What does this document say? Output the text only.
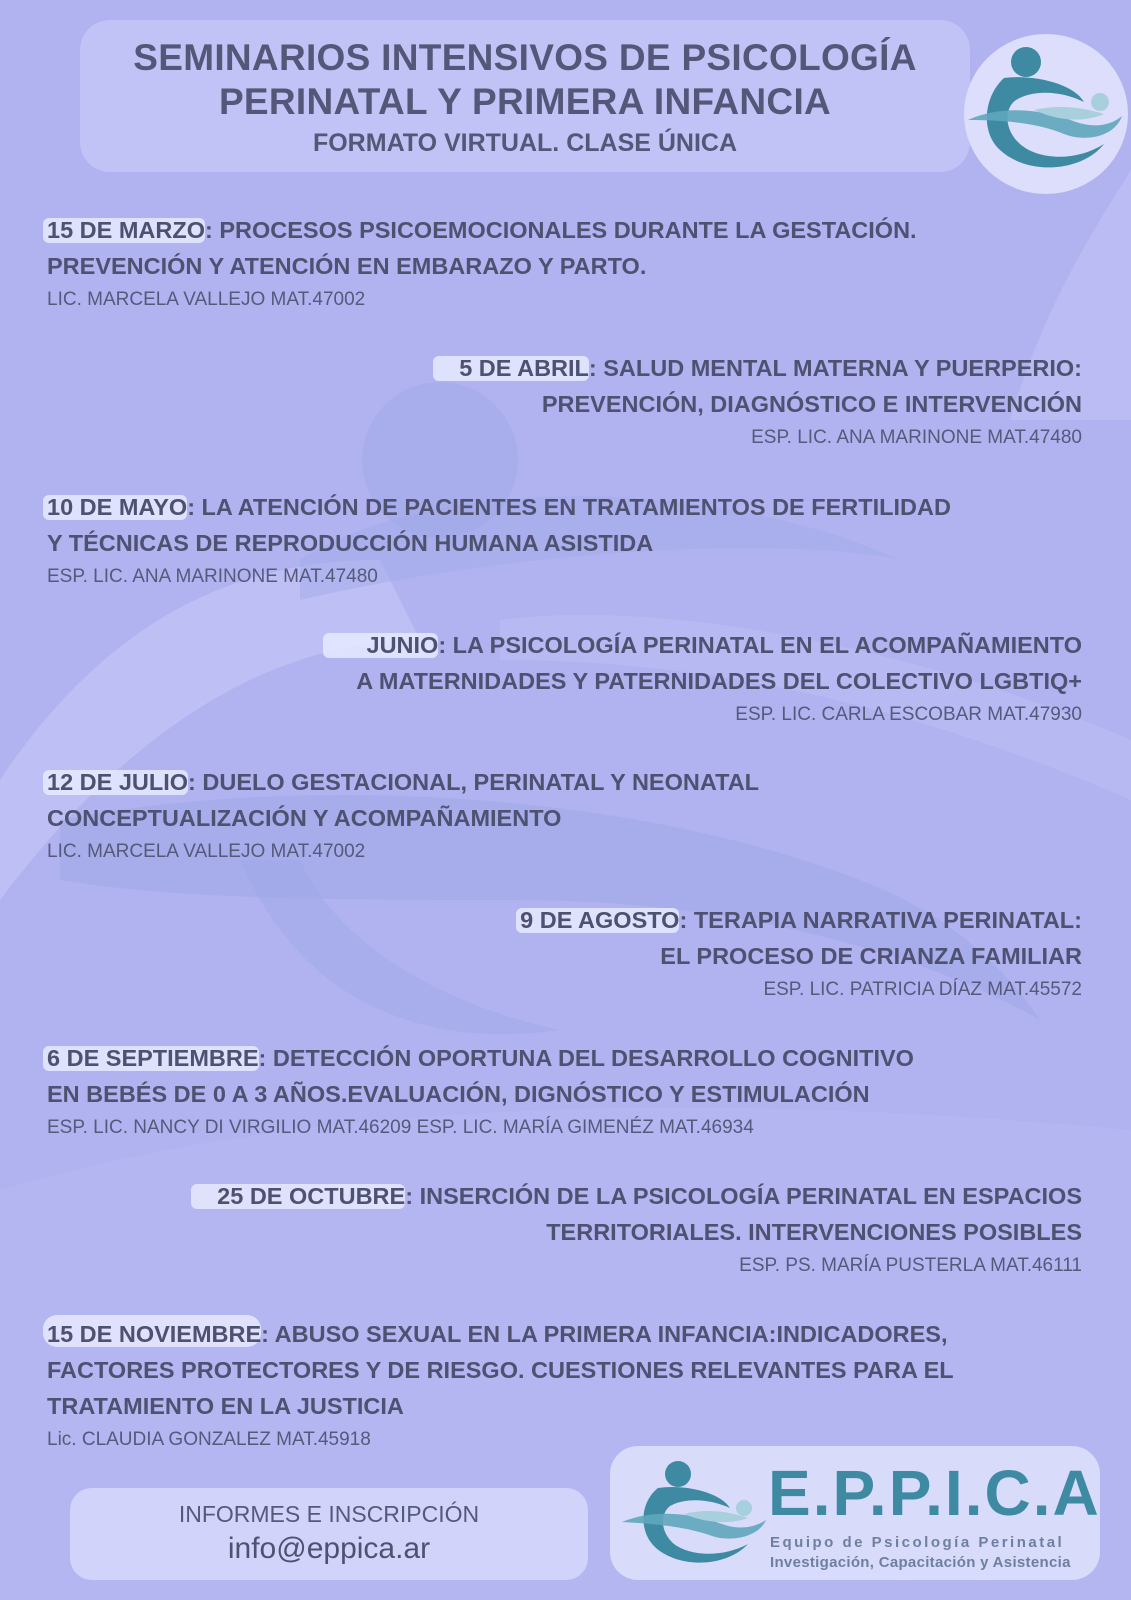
SEMINARIOS INTENSIVOS DE PSICOLOGÍA
PERINATAL Y PRIMERA INFANCIA
FORMATO VIRTUAL. CLASE ÚNICA
15 DE MARZO: PROCESOS PSICOEMOCIONALES DURANTE LA GESTACIÓN.
PREVENCIÓN Y ATENCIÓN EN EMBARAZO Y PARTO.
LIC. MARCELA VALLEJO MAT.47002
5 DE ABRIL: SALUD MENTAL MATERNA Y PUERPERIO:
PREVENCIÓN, DIAGNÓSTICO E INTERVENCIÓN
ESP. LIC. ANA MARINONE MAT.47480
10 DE MAYO: LA ATENCIÓN DE PACIENTES EN TRATAMIENTOS DE FERTILIDAD
Y TÉCNICAS DE REPRODUCCIÓN HUMANA ASISTIDA
ESP. LIC. ANA MARINONE MAT.47480
JUNIO: LA PSICOLOGÍA PERINATAL EN EL ACOMPAÑAMIENTO
A MATERNIDADES Y PATERNIDADES DEL COLECTIVO LGBTIQ+
ESP. LIC. CARLA ESCOBAR MAT.47930
12 DE JULIO: DUELO GESTACIONAL, PERINATAL Y NEONATAL
CONCEPTUALIZACIÓN Y ACOMPAÑAMIENTO
LIC. MARCELA VALLEJO MAT.47002
9 DE AGOSTO: TERAPIA NARRATIVA PERINATAL:
EL PROCESO DE CRIANZA FAMILIAR
ESP. LIC. PATRICIA DÍAZ MAT.45572
6 DE SEPTIEMBRE: DETECCIÓN OPORTUNA DEL DESARROLLO COGNITIVO
EN BEBÉS DE 0 A 3 AÑOS.EVALUACIÓN, DIGNÓSTICO Y ESTIMULACIÓN
ESP. LIC. NANCY DI VIRGILIO MAT.46209 ESP. LIC. MARÍA GIMENÉZ MAT.46934
25 DE OCTUBRE: INSERCIÓN DE LA PSICOLOGÍA PERINATAL EN ESPACIOS
TERRITORIALES. INTERVENCIONES POSIBLES
ESP. PS. MARÍA PUSTERLA MAT.46111
15 DE NOVIEMBRE: ABUSO SEXUAL EN LA PRIMERA INFANCIA:INDICADORES,
FACTORES PROTECTORES Y DE RIESGO. CUESTIONES RELEVANTES PARA EL
TRATAMIENTO EN LA JUSTICIA
Lic. CLAUDIA GONZALEZ MAT.45918
INFORMES E INSCRIPCIÓN
info@eppica.ar
E.P.P.I.C.A
Equipo de Psicología Perinatal
Investigación, Capacitación y Asistencia
